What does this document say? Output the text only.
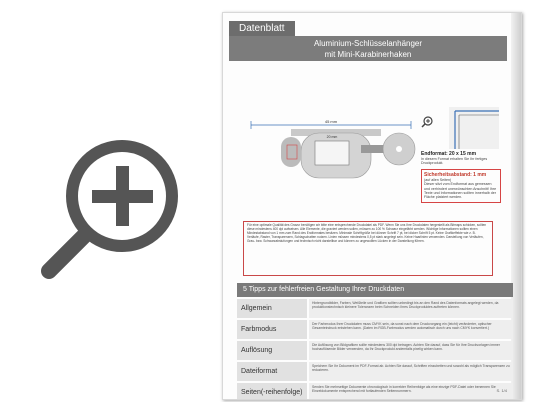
Datenblatt
Aluminium-Schlüsselanhänger
mit Mini-Karabinerhaken
45 mm
20 mm
Endformat: 20 x 15 mm
In diesem Format erhalten Sie Ihr fertiges Druckprodukt.
Sicherheitsabstand: 1 mm
(auf allen Seiten)
Dieser sitzt vom Endformat aus gemessen und verhindert unerwünschten Anschnitt! Ihre Texte und Informationen sollten innerhalb der Fläche platziert werden.
Für eine optimale Qualität des Gravur benötigen wir bitte eine entsprechende Druckdatei als PDF. Wenn Sie uns Ihre Druckdaten hergestellt als Bitmaps schicken, sollten diese mindestens 400 dpi aufweisen. Alle Elemente, die graviert werden sollen, müssen zu 100 % Schwarz eingefärbt werden. Wichtige Informationen sollten einen Mindestabstand von 1 mm zum Rand des Endformates besitzen. Minimale Schriftgröße bei dünner Schrift 7 pt, bei dicker Schrift 5 pt. Keine Grafikeffekte wie z. B. Verläufe, Raster, Transparenzen, Schlagschatten nutzen. Linien müssen mindestens 0,5 pt stark angelegt sein. Keine Haarlinien verwenden. Darstellung von Verläufen, Grau- bzw. Schwarzabstufungen und technisch nicht darstellbar und können zu ungewollten Lücken in der Darstellung führen.
5 Tipps zur fehlerfreien Gestaltung Ihrer Druckdaten
Allgemein
Hintergrundbilder, Farben, Weißteile und Grafiken sollten unbedingt bis an den Rand des Datenformats angelegt werden, da produktionstechnisch kleinere Toleranzen beim Schneiden Ihres Druckproduktes auftreten können.
Farbmodus
Der Farbmodus Ihrer Druckdaten muss CMYK sein, da sonst nach dem Druckvorgang ein (leicht) veränderter, optischer Gesamteindruck entstehen kann. (Daten im RGB-Farbmodus werden automatisch durch uns nach CMYK konvertiert.)
Auflösung
Die Auflösung von Bildgrafiken sollte mindestens 300 dpi betragen. Achten Sie darauf, dass Sie für Ihre Druckvorlagen immer hochauflösende Bilder verwenden, da Ihr Druckprodukt andernfalls pixelig wirken kann.
Dateiformat
Speichern Sie Ihr Dokument im PDF-Format ab. Achten Sie darauf, Schriften einzubetten und sowohl als möglich Transparenzen zu reduzieren.
Seiten(-reihenfolge)
Senden Sie mehrseitige Dokumente chronologisch in korrekter Reihenfolge als eine einzige PDF-Datei oder benennen Sie Einzeldokumente entsprechend mit fortlaufenden Seitennummern.	S. 1/4
